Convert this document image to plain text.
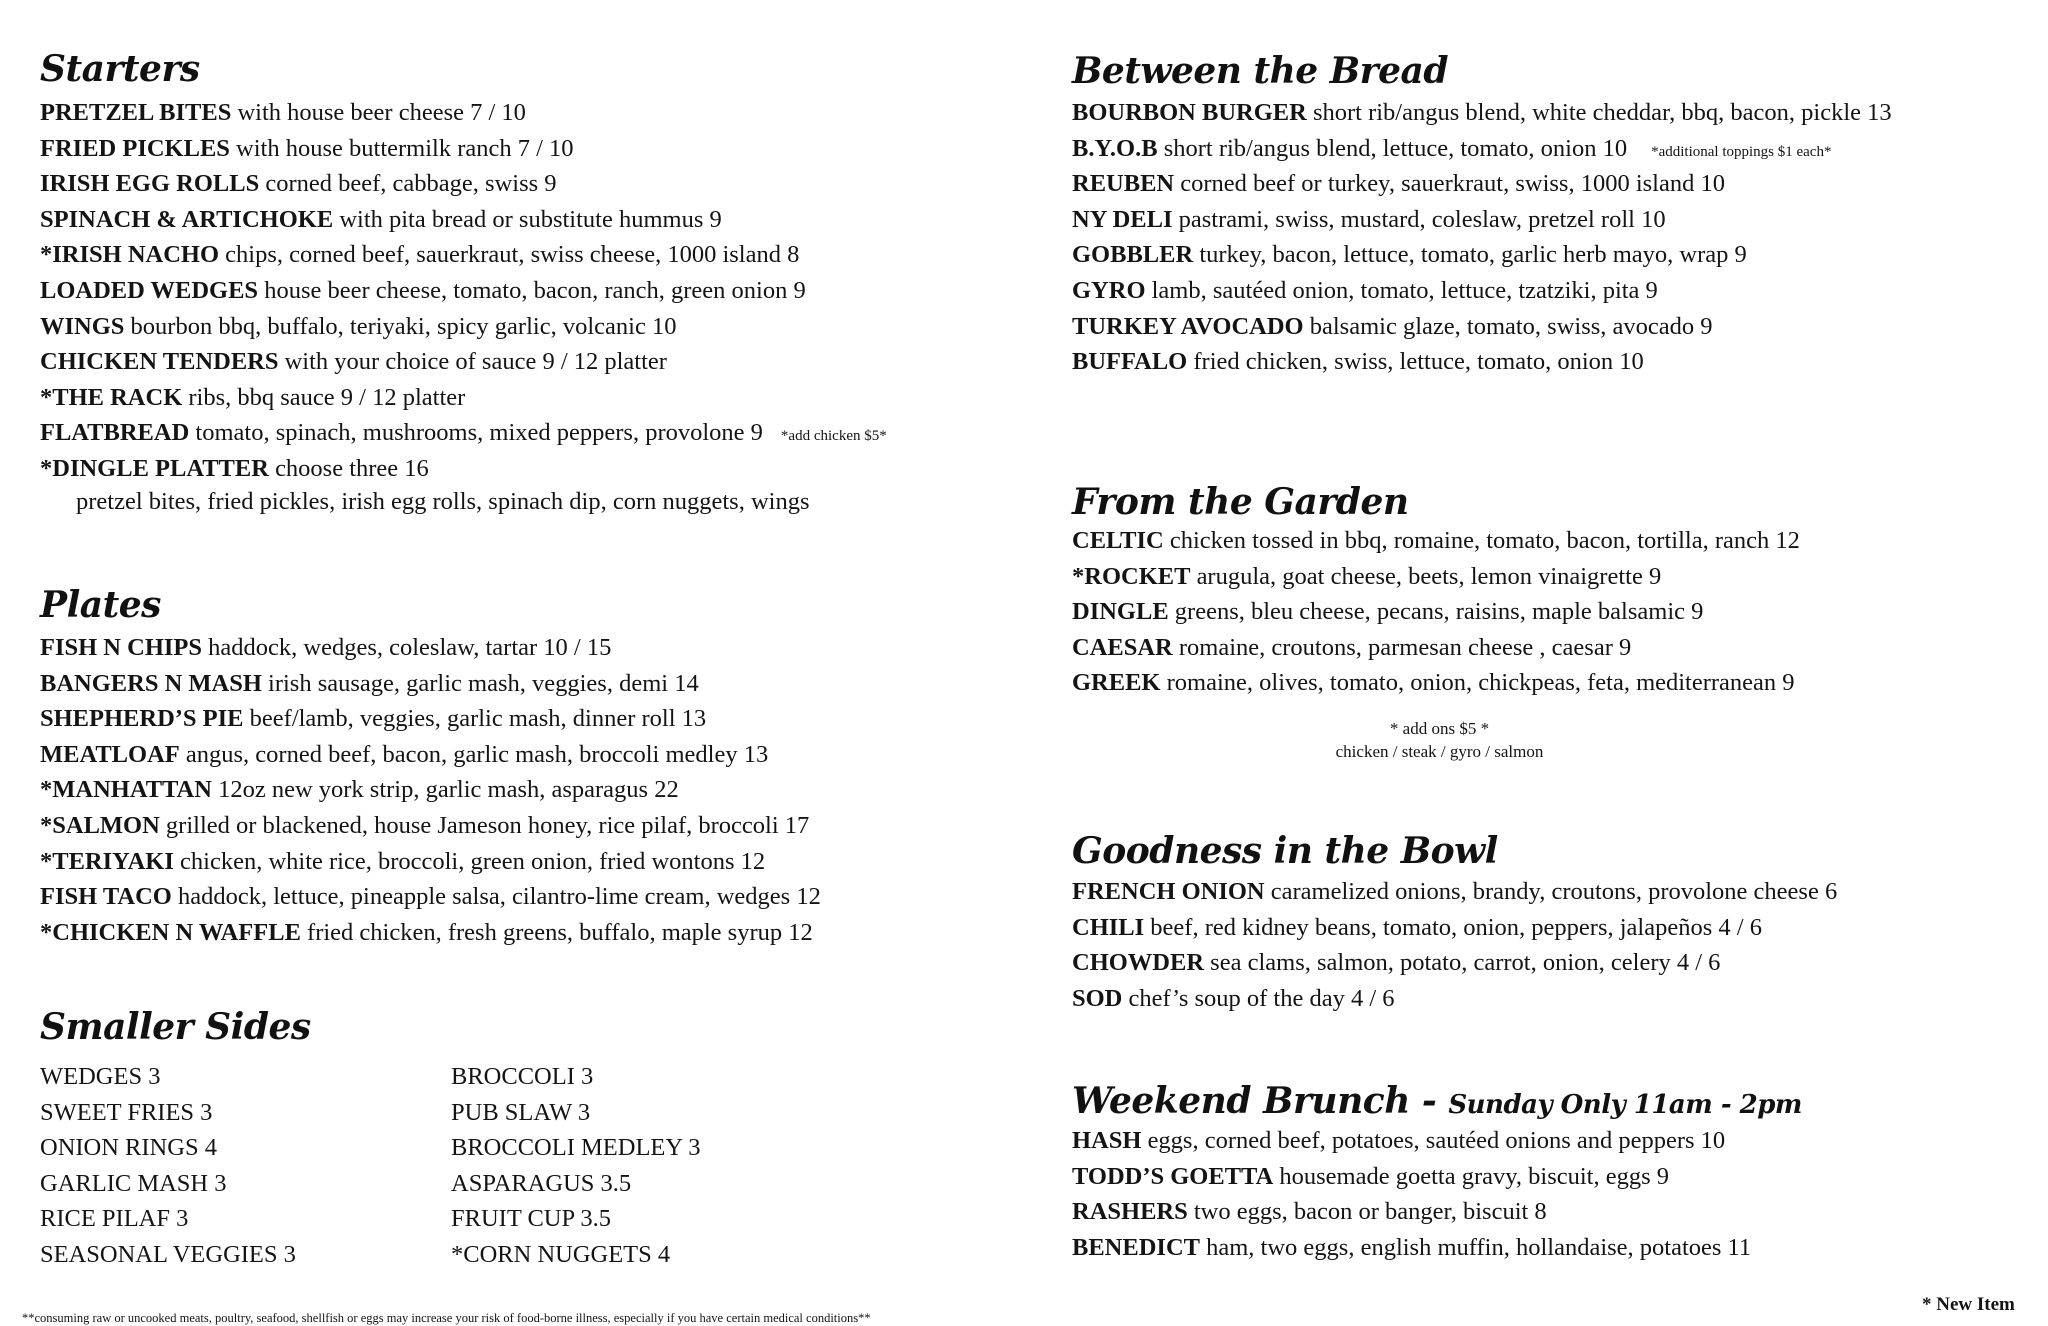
Starters
PRETZEL BITES with house beer cheese 7 / 10
FRIED PICKLES with house buttermilk ranch 7 / 10
IRISH EGG ROLLS corned beef, cabbage, swiss 9
SPINACH & ARTICHOKE with pita bread or substitute hummus 9
*IRISH NACHO chips, corned beef, sauerkraut, swiss cheese, 1000 island 8
LOADED WEDGES house beer cheese, tomato, bacon, ranch, green onion 9
WINGS bourbon bbq, buffalo, teriyaki, spicy garlic, volcanic 10
CHICKEN TENDERS with your choice of sauce 9 / 12 platter
*THE RACK ribs, bbq sauce 9 / 12 platter
FLATBREAD tomato, spinach, mushrooms, mixed peppers, provolone 9 *add chicken $5*
*DINGLE PLATTER choose three 16
pretzel bites, fried pickles, irish egg rolls, spinach dip, corn nuggets, wings
Plates
FISH N CHIPS haddock, wedges, coleslaw, tartar 10 / 15
BANGERS N MASH irish sausage, garlic mash, veggies, demi 14
SHEPHERD’S PIE beef/lamb, veggies, garlic mash, dinner roll 13
MEATLOAF angus, corned beef, bacon, garlic mash, broccoli medley 13
*MANHATTAN 12oz new york strip, garlic mash, asparagus 22
*SALMON grilled or blackened, house Jameson honey, rice pilaf, broccoli 17
*TERIYAKI chicken, white rice, broccoli, green onion, fried wontons 12
FISH TACO haddock, lettuce, pineapple salsa, cilantro-lime cream, wedges 12
*CHICKEN N WAFFLE fried chicken, fresh greens, buffalo, maple syrup 12
Smaller Sides
WEDGES 3
SWEET FRIES 3
ONION RINGS 4
GARLIC MASH 3
RICE PILAF 3
SEASONAL VEGGIES 3
BROCCOLI 3
PUB SLAW 3
BROCCOLI MEDLEY 3
ASPARAGUS 3.5
FRUIT CUP 3.5
*CORN NUGGETS 4
Between the Bread
BOURBON BURGER short rib/angus blend, white cheddar, bbq, bacon, pickle 13
B.Y.O.B short rib/angus blend, lettuce, tomato, onion 10 *additional toppings $1 each*
REUBEN corned beef or turkey, sauerkraut, swiss, 1000 island 10
NY DELI pastrami, swiss, mustard, coleslaw, pretzel roll 10
GOBBLER turkey, bacon, lettuce, tomato, garlic herb mayo, wrap 9
GYRO lamb, sautéed onion, tomato, lettuce, tzatziki, pita 9
TURKEY AVOCADO balsamic glaze, tomato, swiss, avocado 9
BUFFALO fried chicken, swiss, lettuce, tomato, onion 10
From the Garden
CELTIC chicken tossed in bbq, romaine, tomato, bacon, tortilla, ranch 12
*ROCKET arugula, goat cheese, beets, lemon vinaigrette 9
DINGLE greens, bleu cheese, pecans, raisins, maple balsamic 9
CAESAR romaine, croutons, parmesan cheese , caesar 9
GREEK romaine, olives, tomato, onion, chickpeas, feta, mediterranean 9
* add ons $5 *
chicken / steak / gyro / salmon
Goodness in the Bowl
FRENCH ONION caramelized onions, brandy, croutons, provolone cheese 6
CHILI beef, red kidney beans, tomato, onion, peppers, jalapeños 4 / 6
CHOWDER sea clams, salmon, potato, carrot, onion, celery 4 / 6
SOD chef’s soup of the day 4 / 6
Weekend Brunch - Sunday Only 11am - 2pm
HASH eggs, corned beef, potatoes, sautéed onions and peppers 10
TODD’S GOETTA housemade goetta gravy, biscuit, eggs 9
RASHERS two eggs, bacon or banger, biscuit 8
BENEDICT ham, two eggs, english muffin, hollandaise, potatoes 11
**consuming raw or uncooked meats, poultry, seafood, shellfish or eggs may increase your risk of food-borne illness, especially if you have certain medical conditions**
* New Item
